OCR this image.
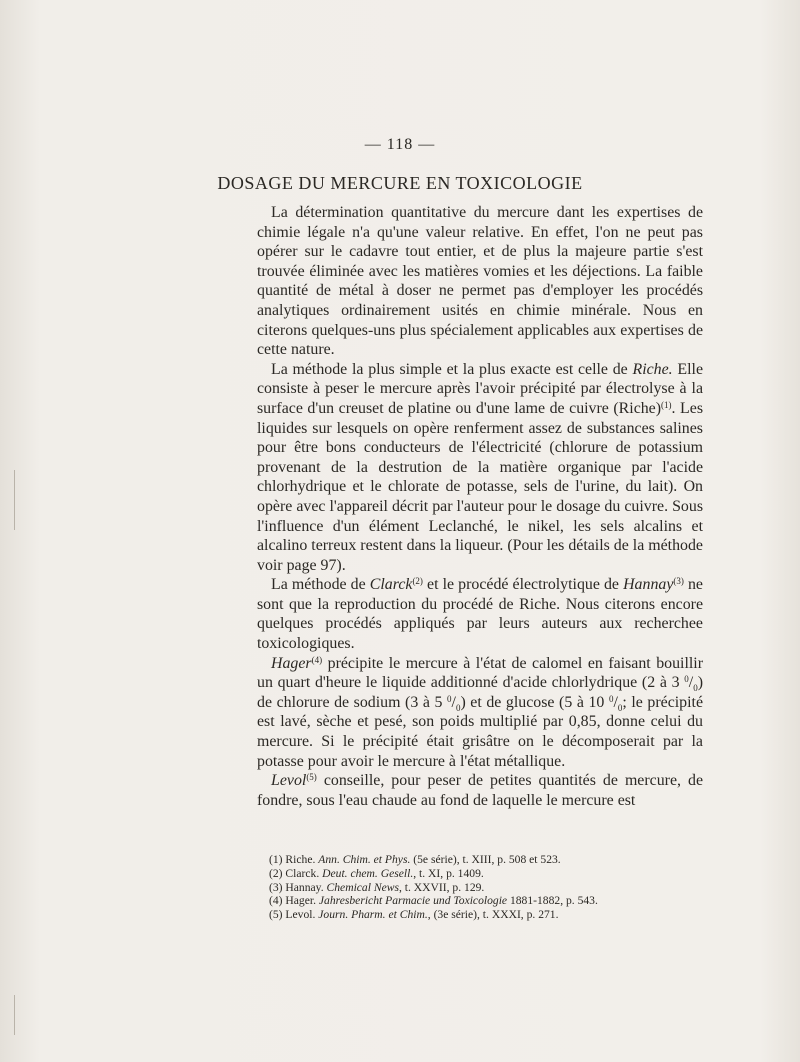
— 118 —
DOSAGE DU MERCURE EN TOXICOLOGIE

La détermination quantitative du mercure dant les expertises de chimie légale n'a qu'une valeur relative. En effet, l'on ne peut pas opérer sur le cadavre tout entier, et de plus la majeure partie s'est trouvée éliminée avec les matières vomies et les déjections. La faible quantité de métal à doser ne permet pas d'employer les procédés analytiques ordinairement usités en chimie minérale. Nous en citerons quelques-uns plus spécialement applicables aux expertises de cette nature.

La méthode la plus simple et la plus exacte est celle de Riche. Elle consiste à peser le mercure après l'avoir précipité par électrolyse à la surface d'un creuset de platine ou d'une lame de cuivre (Riche)$^{(1)}$. Les liquides sur lesquels on opère renferment assez de substances salines pour être bons conducteurs de l'électricité (chlorure de potassium provenant de la destrution de la matière organique par l'acide chlorhydrique et le chlorate de potasse, sels de l'urine, du lait). On opère avec l'appareil décrit par l'auteur pour le dosage du cuivre. Sous l'influence d'un élément Leclanché, le nikel, les sels alcalins et alcalino terreux restent dans la liqueur. (Pour les détails de la méthode voir page 97).

La méthode de Clarck$^{(2)}$ et le procédé électrolytique de Hannay$^{(3)}$ ne sont que la reproduction du procédé de Riche. Nous citerons encore quelques procédés appliqués par leurs auteurs aux recherchee toxicologiques.

Hager$^{(4)}$ précipite le mercure à l'état de calomel en faisant bouillir un quart d'heure le liquide additionné d'acide chlorlydrique (2 à 3 $^0/_0$) de chlorure de sodium (3 à 5 $^0/_0$) et de glucose (5 à 10 $^0/_0$; le précipité est lavé, sèche et pesé, son poids multiplié par 0,85, donne celui du mercure. Si le précipité était grisâtre on le décomposerait par la potasse pour avoir le mercure à l'état métallique.

Levol$^{(5)}$ conseille, pour peser de petites quantités de mercure, de fondre, sous l'eau chaude au fond de laquelle le mercure est

(1) Riche. Ann. Chim. et Phys. (5e série), t. XIII, p. 508 et 523.

(2) Clarck. Deut. chem. Gesell., t. XI, p. 1409.

(3) Hannay. Chemical News, t. XXVII, p. 129.

(4) Hager. Jahresbericht Parmacie und Toxicologie 1881-1882, p. 543.

(5) Levol. Journ. Pharm. et Chim., (3e série), t. XXXI, p. 271.
